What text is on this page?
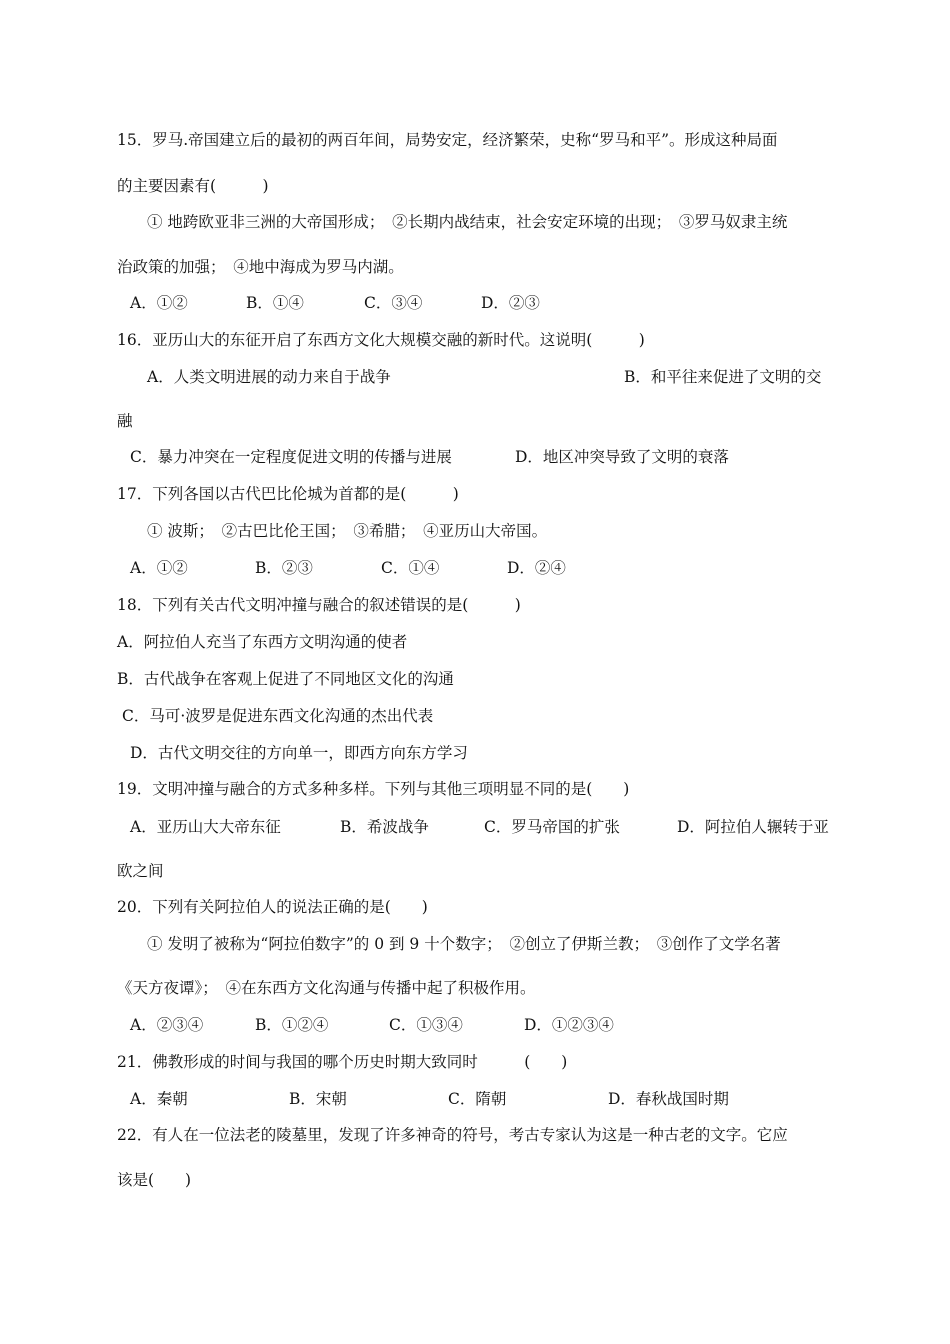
15．罗马.帝国建立后的最初的两百年间，局势安定，经济繁荣，史称“罗马和平”。形成这种局面
的主要因素有(　　　)
① 地跨欧亚非三洲的大帝国形成；　②长期内战结束，社会安定环境的出现；　③罗马奴隶主统
治政策的加强；　④地中海成为罗马内湖。
A．①②	B．①④	C．③④	D．②③
16．亚历山大的东征开启了东西方文化大规模交融的新时代。这说明(　　　)
A．人类文明进展的动力来自于战争	B．和平往来促进了文明的交
融
C．暴力冲突在一定程度促进文明的传播与进展	D．地区冲突导致了文明的衰落
17．下列各国以古代巴比伦城为首都的是(　　　)
① 波斯；　②古巴比伦王国；　③希腊；　④亚历山大帝国。
A．①②	B．②③	C．①④	D．②④
18．下列有关古代文明冲撞与融合的叙述错误的是(　　　)
A．阿拉伯人充当了东西方文明沟通的使者
B．古代战争在客观上促进了不同地区文化的沟通
C．马可·波罗是促进东西文化沟通的杰出代表
D．古代文明交往的方向单一，即西方向东方学习
19．文明冲撞与融合的方式多种多样。下列与其他三项明显不同的是(　　)
A．亚历山大大帝东征	B．希波战争	C．罗马帝国的扩张	D．阿拉伯人辗转于亚
欧之间
20．下列有关阿拉伯人的说法正确的是(　　)
① 发明了被称为“阿拉伯数字”的 0 到 9 十个数字；　②创立了伊斯兰教；　③创作了文学名著
《天方夜谭》；　④在东西方文化沟通与传播中起了积极作用。
A．②③④	B．①②④	C．①③④	D．①②③④
21．佛教形成的时间与我国的哪个历史时期大致同时　　　(　　)
A．秦朝	B．宋朝	C．隋朝	D．春秋战国时期
22．有人在一位法老的陵墓里，发现了许多神奇的符号，考古专家认为这是一种古老的文字。它应
该是(　　)
